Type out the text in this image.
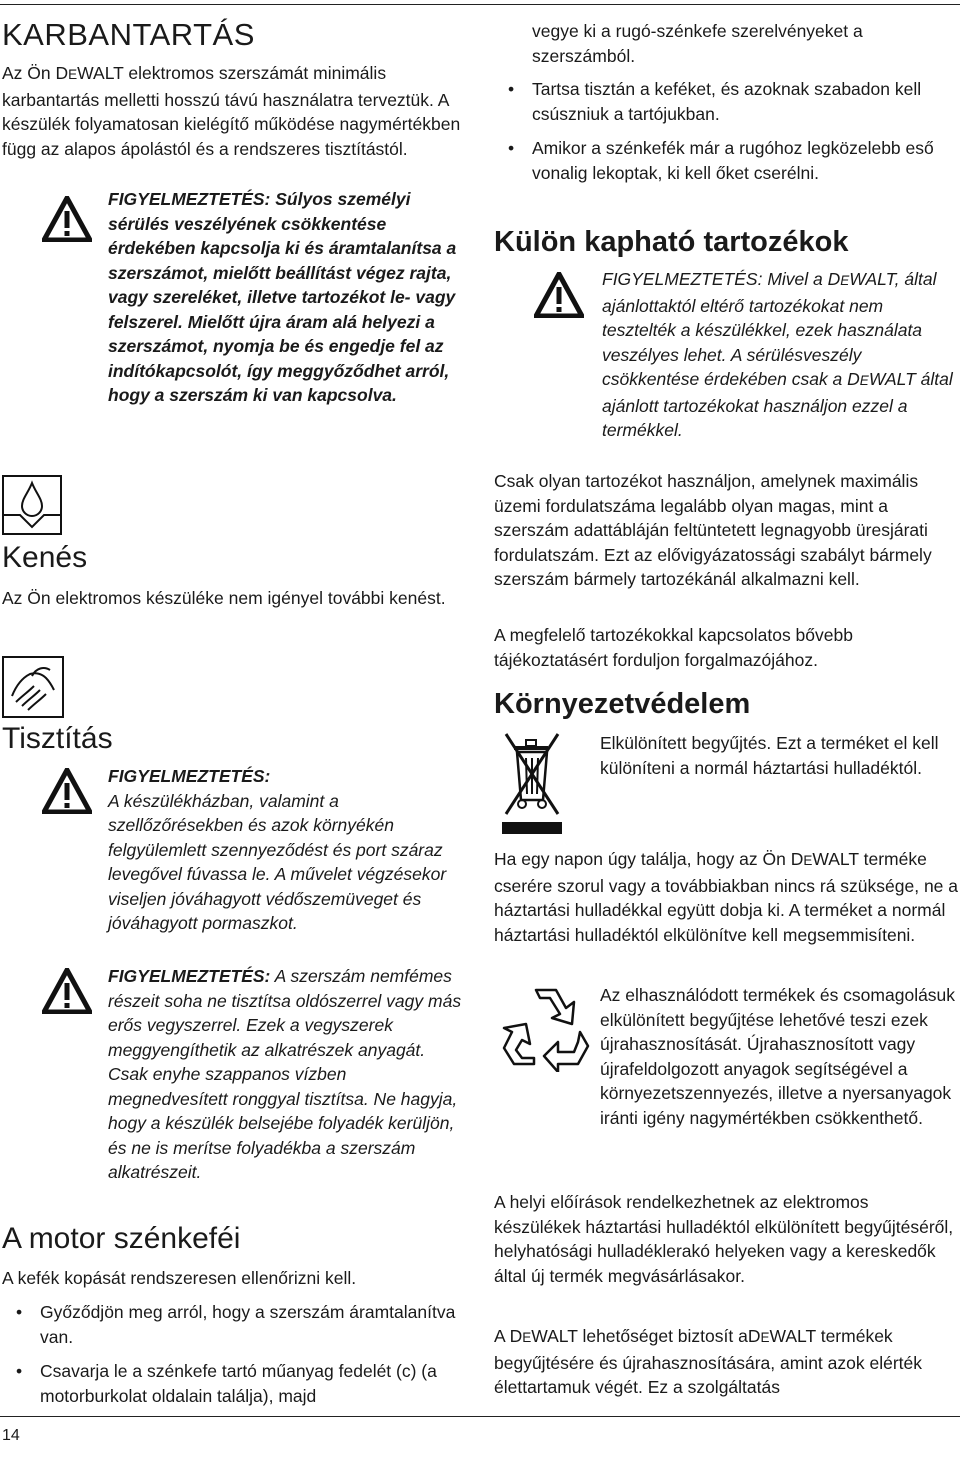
KARBANTARTÁS

Az Ön DEWALT elektromos szerszámát minimális karbantartás melletti hosszú távú használatra terveztük. A készülék folyamatosan kielégítő működése nagymértékben függ az alapos ápolástól és a rendszeres tisztítástól.

FIGYELMEZTETÉS: Súlyos személyi sérülés veszélyének csökkentése érdekében kapcsolja ki és áramtalanítsa a szerszámot, mielőtt beállítást végez rajta, vagy szereléket, illetve tartozékot le- vagy felszerel. Mielőtt újra áram alá helyezi a szerszámot, nyomja be és engedje fel az indítókapcsolót, így meggyőződhet arról, hogy a szerszám ki van kapcsolva.

Kenés

Az Ön elektromos készüléke nem igényel további kenést.

Tisztítás

FIGYELMEZTETÉS:

A készülékházban, valamint a szellőzőrésekben és azok környékén felgyülemlett szennyeződést és port száraz levegővel fúvassa le. A művelet végzésekor viseljen jóváhagyott védőszemüveget és jóváhagyott pormaszkot.

FIGYELMEZTETÉS: A szerszám nemfémes részeit soha ne tisztítsa oldószerrel vagy más erős vegyszerrel. Ezek a vegyszerek meggyengíthetik az alkatrészek anyagát. Csak enyhe szappanos vízben megnedvesített ronggyal tisztítsa. Ne hagyja, hogy a készülék belsejébe folyadék kerüljön, és ne is merítse folyadékba a szerszám alkatrészeit.

A motor szénkeféi

A kefék kopását rendszeresen ellenőrizni kell.

• Győződjön meg arról, hogy a szerszám áramtalanítva van.
• Csavarja le a szénkefe tartó műanyag fedelét (c) (a motorburkolat oldalain találja), majd

vegye ki a rugó-szénkefe szerelvényeket a szerszámból.

• Tartsa tisztán a keféket, és azoknak szabadon kell csúszniuk a tartójukban.
• Amikor a szénkefék már a rugóhoz legközelebb eső vonalig lekoptak, ki kell őket cserélni.
Külön kapható tartozékok

FIGYELMEZTETÉS: Mivel a DEWALT, által ajánlottaktól eltérő tartozékokat nem tesztelték a készülékkel, ezek használata veszélyes lehet. A sérülésveszély csökkentése érdekében csak a DEWALT által ajánlott tartozékokat használjon ezzel a termékkel.

Csak olyan tartozékot használjon, amelynek maximális üzemi fordulatszáma legalább olyan magas, mint a szerszám adattábláján feltüntetett legnagyobb üresjárati fordulatszám. Ezt az elővigyázatossági szabályt bármely szerszám bármely tartozékánál alkalmazni kell.

A megfelelő tartozékokkal kapcsolatos bővebb tájékoztatásért forduljon forgalmazójához.

Környezetvédelem

Elkülönített begyűjtés. Ezt a terméket el kell különíteni a normál háztartási hulladéktól.

Ha egy napon úgy találja, hogy az Ön DEWALT terméke cserére szorul vagy a továbbiakban nincs rá szüksége, ne a háztartási hulladékkal együtt dobja ki. A terméket a normál háztartási hulladéktól elkülönítve kell megsemmisíteni.

Az elhasználódott termékek és csomagolásuk elkülönített begyűjtése lehetővé teszi ezek újrahasznosítását. Újrahasznosított vagy újrafeldolgozott anyagok segítségével a környezetszennyezés, illetve a nyersanyagok iránti igény nagymértékben csökkenthető.

A helyi előírások rendelkezhetnek az elektromos készülékek háztartási hulladéktól elkülönített begyűjtéséről, helyhatósági hulladéklerakó helyeken vagy a kereskedők által új termék megvásárlásakor.

A DEWALT lehetőséget biztosít aDEWALT termékek begyűjtésére és újrahasznosítására, amint azok elérték élettartamuk végét. Ez a szolgáltatás

14
